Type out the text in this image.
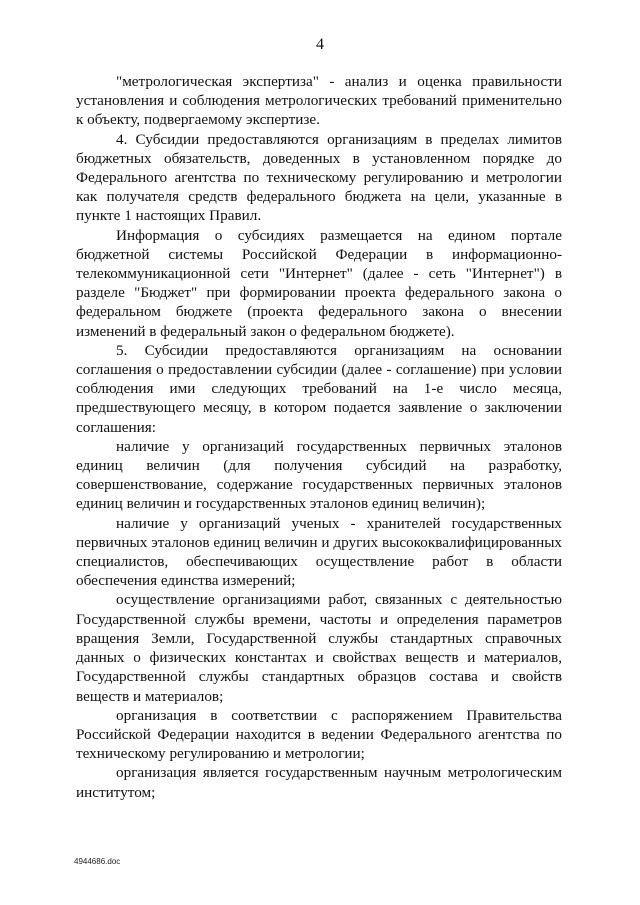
4

"метрологическая экспертиза" - анализ и оценка правильности установления и соблюдения метрологических требований применительно к объекту, подвергаемому экспертизе.

4. Субсидии предоставляются организациям в пределах лимитов бюджетных обязательств, доведенных в установленном порядке до Федерального агентства по техническому регулированию и метрологии как получателя средств федерального бюджета на цели, указанные в пункте 1 настоящих Правил.

Информация о субсидиях размещается на едином портале бюджетной системы Российской Федерации в информационно-телекоммуникационной сети "Интернет" (далее - сеть "Интернет") в разделе "Бюджет" при формировании проекта федерального закона о федеральном бюджете (проекта федерального закона о внесении изменений в федеральный закон о федеральном бюджете).

5. Субсидии предоставляются организациям на основании соглашения о предоставлении субсидии (далее - соглашение) при условии соблюдения ими следующих требований на 1-е число месяца, предшествующего месяцу, в котором подается заявление о заключении соглашения:

наличие у организаций государственных первичных эталонов единиц величин (для получения субсидий на разработку, совершенствование, содержание государственных первичных эталонов единиц величин и государственных эталонов единиц величин);

наличие у организаций ученых - хранителей государственных первичных эталонов единиц величин и других высококвалифицированных специалистов, обеспечивающих осуществление работ в области обеспечения единства измерений;

осуществление организациями работ, связанных с деятельностью Государственной службы времени, частоты и определения параметров вращения Земли, Государственной службы стандартных справочных данных о физических константах и свойствах веществ и материалов, Государственной службы стандартных образцов состава и свойств веществ и материалов;

организация в соответствии с распоряжением Правительства Российской Федерации находится в ведении Федерального агентства по техническому регулированию и метрологии;

организация является государственным научным метрологическим институтом;

4944686.doc
